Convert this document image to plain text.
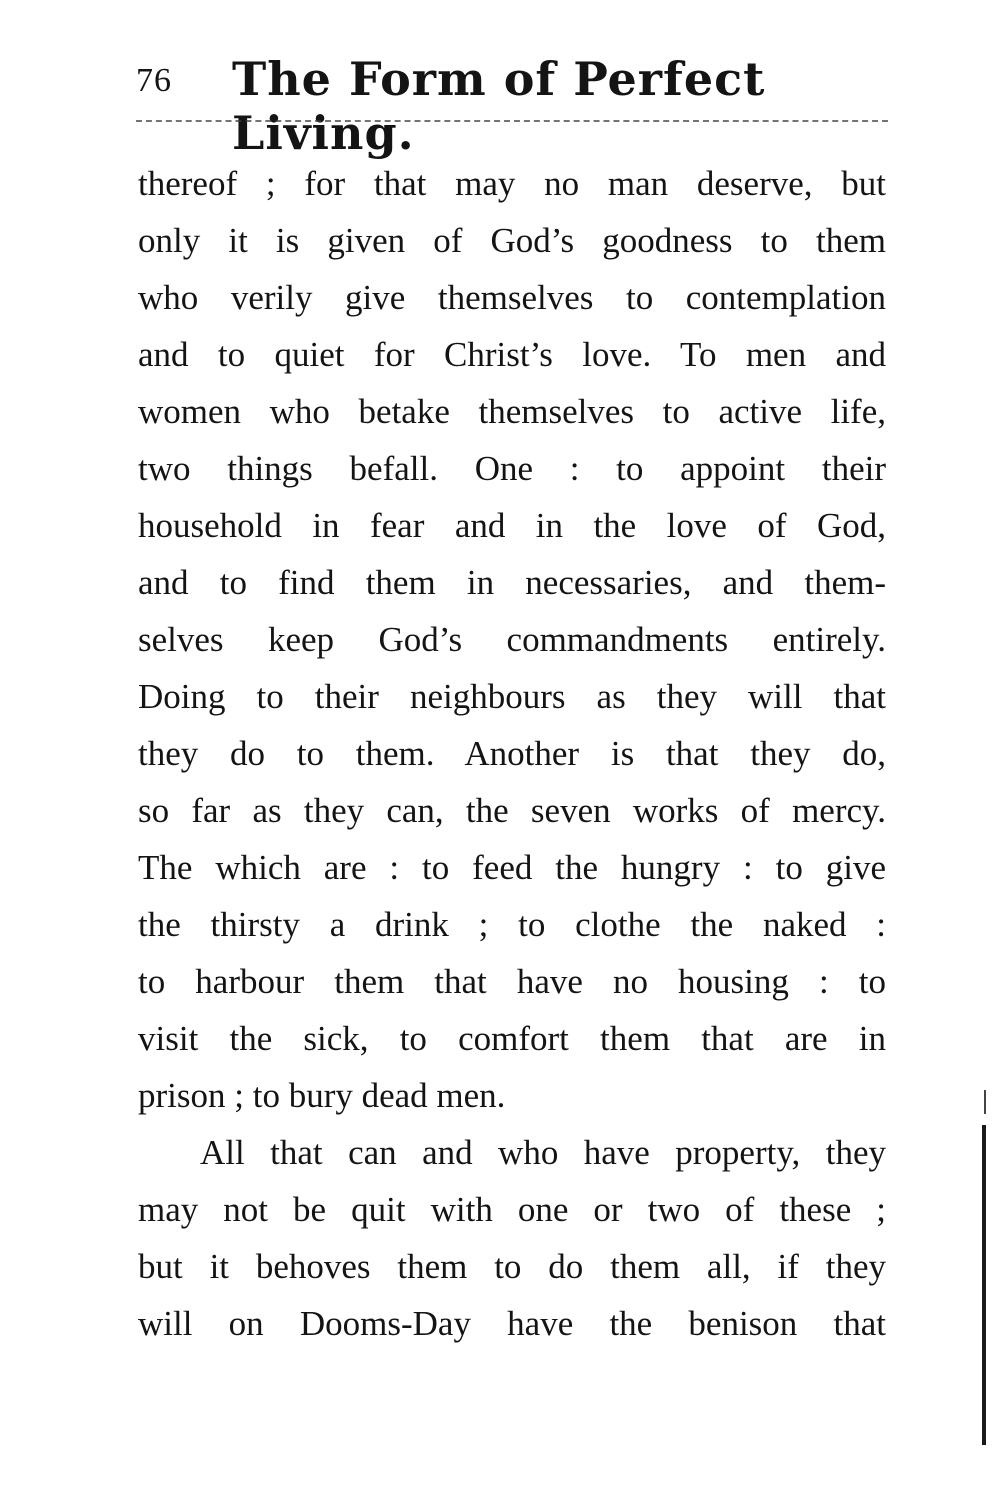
76 The Form of Perfect Living.
thereof ; for that may no man deserve, but
only it is given of God’s goodness to them
who verily give themselves to contemplation
and to quiet for Christ’s love. To men and
women who betake themselves to active life,
two things befall. One : to appoint their
household in fear and in the love of God,
and to find them in necessaries, and them-
selves keep God’s commandments entirely.
Doing to their neighbours as they will that
they do to them. Another is that they do,
so far as they can, the seven works of mercy.
The which are : to feed the hungry : to give
the thirsty a drink ; to clothe the naked :
to harbour them that have no housing : to
visit the sick, to comfort them that are in
prison ; to bury dead men.
All that can and who have property, they
may not be quit with one or two of these ;
but it behoves them to do them all, if they
will on Dooms-Day have the benison that
